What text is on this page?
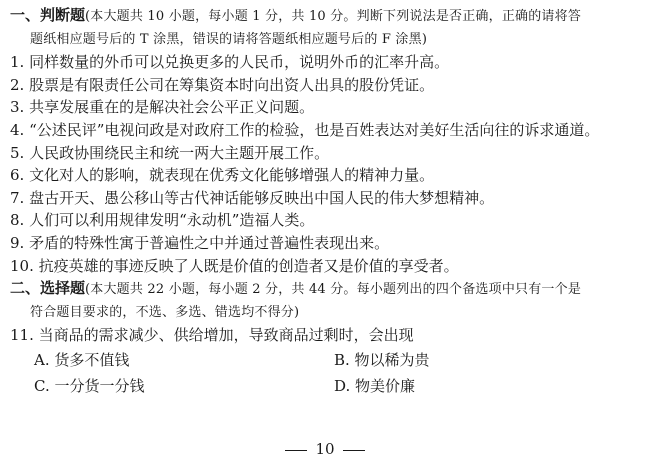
一、判断题(本大题共 10 小题，每小题 1 分，共 10 分。判断下列说法是否正确，正确的请将答
题纸相应题号后的 T 涂黑，错误的请将答题纸相应题号后的 F 涂黑)
1. 同样数量的外币可以兑换更多的人民币，说明外币的汇率升高。
2. 股票是有限责任公司在筹集资本时向出资人出具的股份凭证。
3. 共享发展重在的是解决社会公平正义问题。
4. “公述民评”电视问政是对政府工作的检验，也是百姓表达对美好生活向往的诉求通道。
5. 人民政协围绕民主和统一两大主题开展工作。
6. 文化对人的影响，就表现在优秀文化能够增强人的精神力量。
7. 盘古开天、愚公移山等古代神话能够反映出中国人民的伟大梦想精神。
8. 人们可以利用规律发明“永动机”造福人类。
9. 矛盾的特殊性寓于普遍性之中并通过普遍性表现出来。
10. 抗疫英雄的事迹反映了人既是价值的创造者又是价值的享受者。
二、选择题(本大题共 22 小题，每小题 2 分，共 44 分。每小题列出的四个备选项中只有一个是
符合题目要求的，不选、多选、错选均不得分)
11. 当商品的需求减少、供给增加，导致商品过剩时，会出现
A. 货多不值钱	B. 物以稀为贵
C. 一分货一分钱	D. 物美价廉
10
